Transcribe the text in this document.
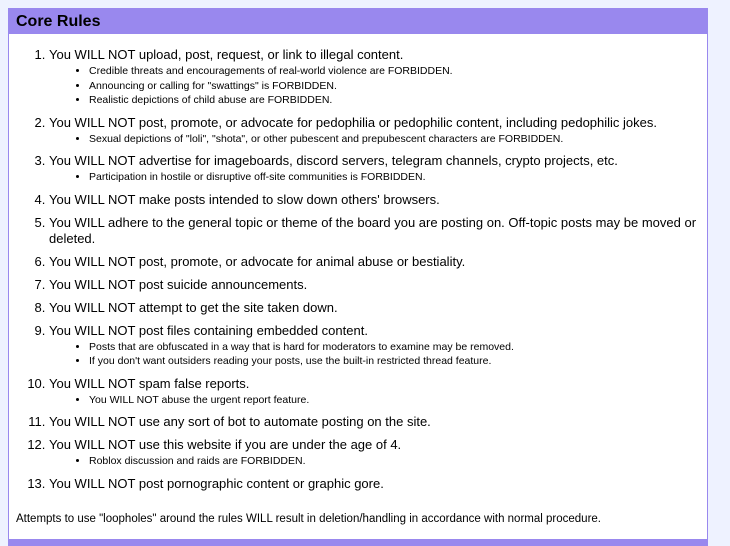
Core Rules
1. You WILL NOT upload, post, request, or link to illegal content.
• Credible threats and encouragements of real-world violence are FORBIDDEN.
• Announcing or calling for "swattings" is FORBIDDEN.
• Realistic depictions of child abuse are FORBIDDEN.
2. You WILL NOT post, promote, or advocate for pedophilia or pedophilic content, including pedophilic jokes.
• Sexual depictions of "loli", "shota", or other pubescent and prepubescent characters are FORBIDDEN.
3. You WILL NOT advertise for imageboards, discord servers, telegram channels, crypto projects, etc.
• Participation in hostile or disruptive off-site communities is FORBIDDEN.
4. You WILL NOT make posts intended to slow down others' browsers.
5. You WILL adhere to the general topic or theme of the board you are posting on. Off-topic posts may be moved or deleted.
6. You WILL NOT post, promote, or advocate for animal abuse or bestiality.
7. You WILL NOT post suicide announcements.
8. You WILL NOT attempt to get the site taken down.
9. You WILL NOT post files containing embedded content.
• Posts that are obfuscated in a way that is hard for moderators to examine may be removed.
• If you don't want outsiders reading your posts, use the built-in restricted thread feature.
10. You WILL NOT spam false reports.
• You WILL NOT abuse the urgent report feature.
11. You WILL NOT use any sort of bot to automate posting on the site.
12. You WILL NOT use this website if you are under the age of 4.
• Roblox discussion and raids are FORBIDDEN.
13. You WILL NOT post pornographic content or graphic gore.

Attempts to use "loopholes" around the rules WILL result in deletion/handling in accordance with normal procedure.
